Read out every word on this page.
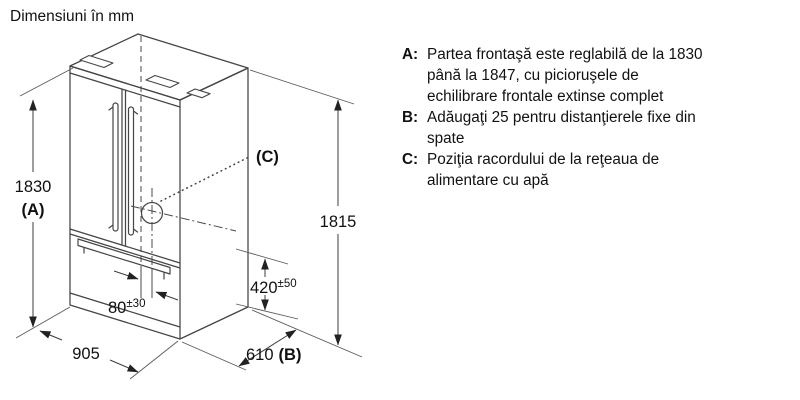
Dimensiuni în mm
1830
(A)
1815
$420^{\pm 50}$
$80^{\pm 30}$
905	610 (B)
(C)
A: Partea frontaşă este reglabilă de la 1830
până la 1847, cu picioruşele de
echilibrare frontale extinse complet
B: Adăugaţi 25 pentru distanţierele fixe din
spate
C: Poziţia racordului de la reţeaua de
alimentare cu apă
